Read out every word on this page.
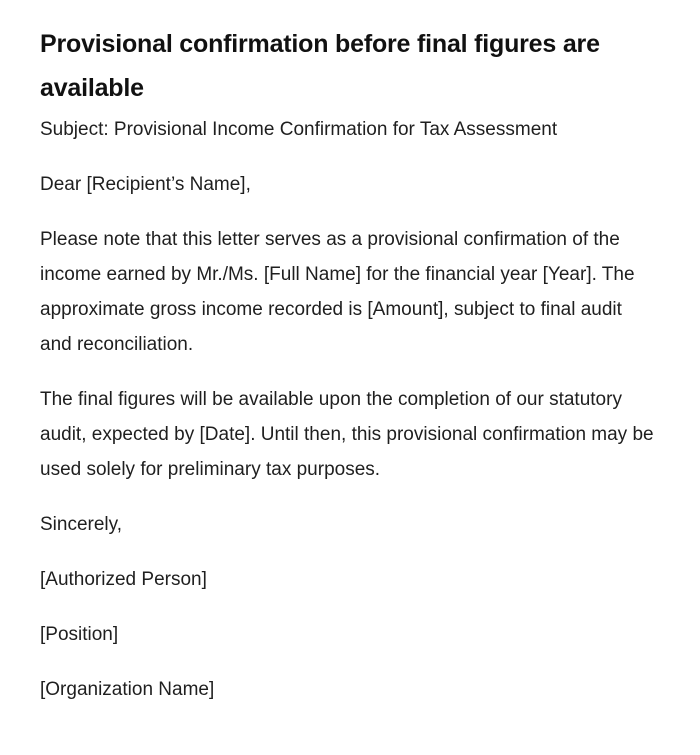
Provisional confirmation before final figures are available

Subject: Provisional Income Confirmation for Tax Assessment

Dear [Recipient’s Name],

Please note that this letter serves as a provisional confirmation of the income earned by Mr./Ms. [Full Name] for the financial year [Year]. The approximate gross income recorded is [Amount], subject to final audit and reconciliation.

The final figures will be available upon the completion of our statutory audit, expected by [Date]. Until then, this provisional confirmation may be used solely for preliminary tax purposes.

Sincerely,

[Authorized Person]

[Position]

[Organization Name]
